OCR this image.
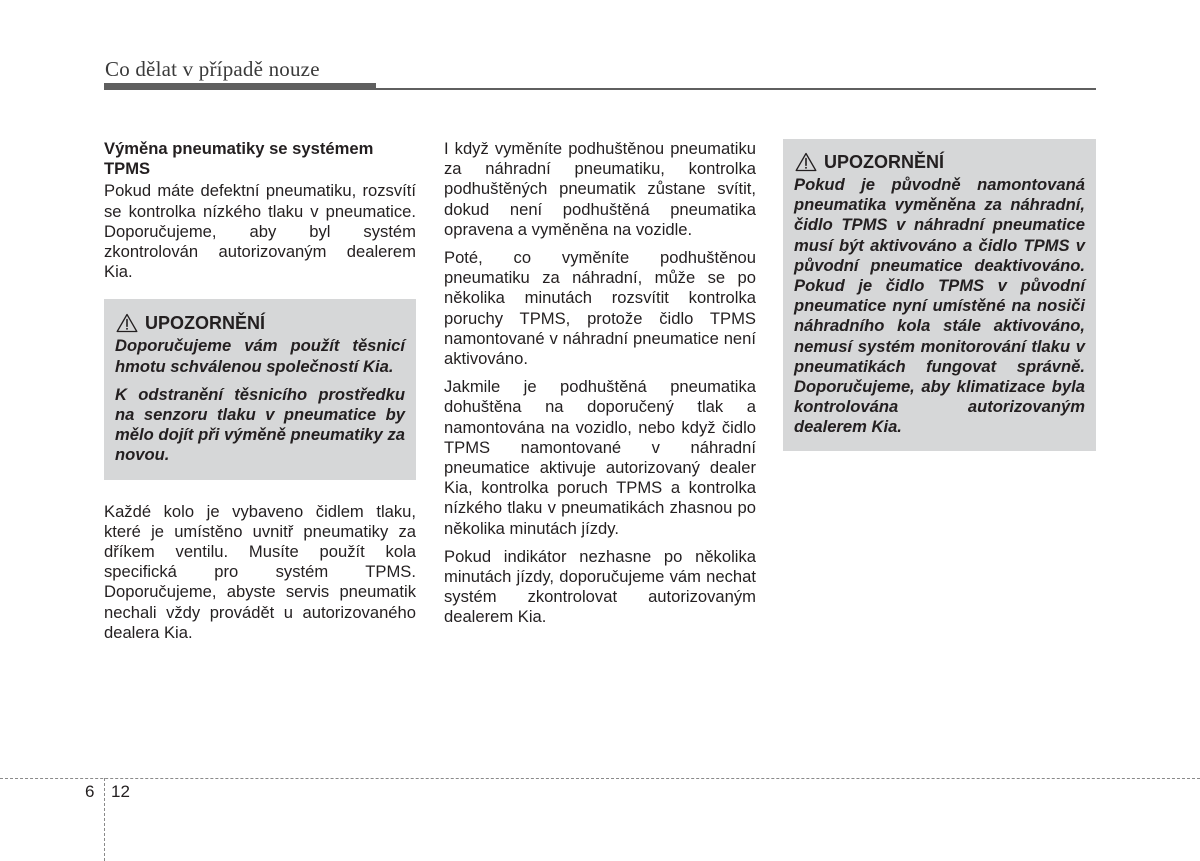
Co dělat v případě nouze
Výměna pneumatiky se systémem TPMS

Pokud máte defektní pneumatiku, rozsvítí se kontrolka nízkého tlaku v pneumatice. Doporučujeme, aby byl systém zkontrolován autorizovaným dealerem Kia.

UPOZORNĚNÍ

Doporučujeme vám použít těsnicí hmotu schválenou společností Kia.

K odstranění těsnicího prostředku na senzoru tlaku v pneumatice by mělo dojít při výměně pneumatiky za novou.

Každé kolo je vybaveno čidlem tlaku, které je umístěno uvnitř pneumatiky za dříkem ventilu. Musíte použít kola specifická pro systém TPMS. Doporučujeme, abyste servis pneumatik nechali vždy provádět u autorizovaného dealera Kia.

I když vyměníte podhuštěnou pneumatiku za náhradní pneumatiku, kontrolka podhuštěných pneumatik zůstane svítit, dokud není podhuštěná pneumatika opravena a vyměněna na vozidle.

Poté, co vyměníte podhuštěnou pneumatiku za náhradní, může se po několika minutách rozsvítit kontrolka poruchy TPMS, protože čidlo TPMS namontované v náhradní pneumatice není aktivováno.

Jakmile je podhuštěná pneumatika dohuštěna na doporučený tlak a namontována na vozidlo, nebo když čidlo TPMS namontované v náhradní pneumatice aktivuje autorizovaný dealer Kia, kontrolka poruch TPMS a kontrolka nízkého tlaku v pneumatikách zhasnou po několika minutách jízdy.

Pokud indikátor nezhasne po několika minutách jízdy, doporučujeme vám nechat systém zkontrolovat autorizovaným dealerem Kia.

UPOZORNĚNÍ

Pokud je původně namontovaná pneumatika vyměněna za náhradní, čidlo TPMS v náhradní pneumatice musí být aktivováno a čidlo TPMS v původní pneumatice deaktivováno. Pokud je čidlo TPMS v původní pneumatice nyní umístěné na nosiči náhradního kola stále aktivováno, nemusí systém monitorování tlaku v pneumatikách fungovat správně. Doporučujeme, aby klimatizace byla kontrolována autorizovaným dealerem Kia.

6 12
